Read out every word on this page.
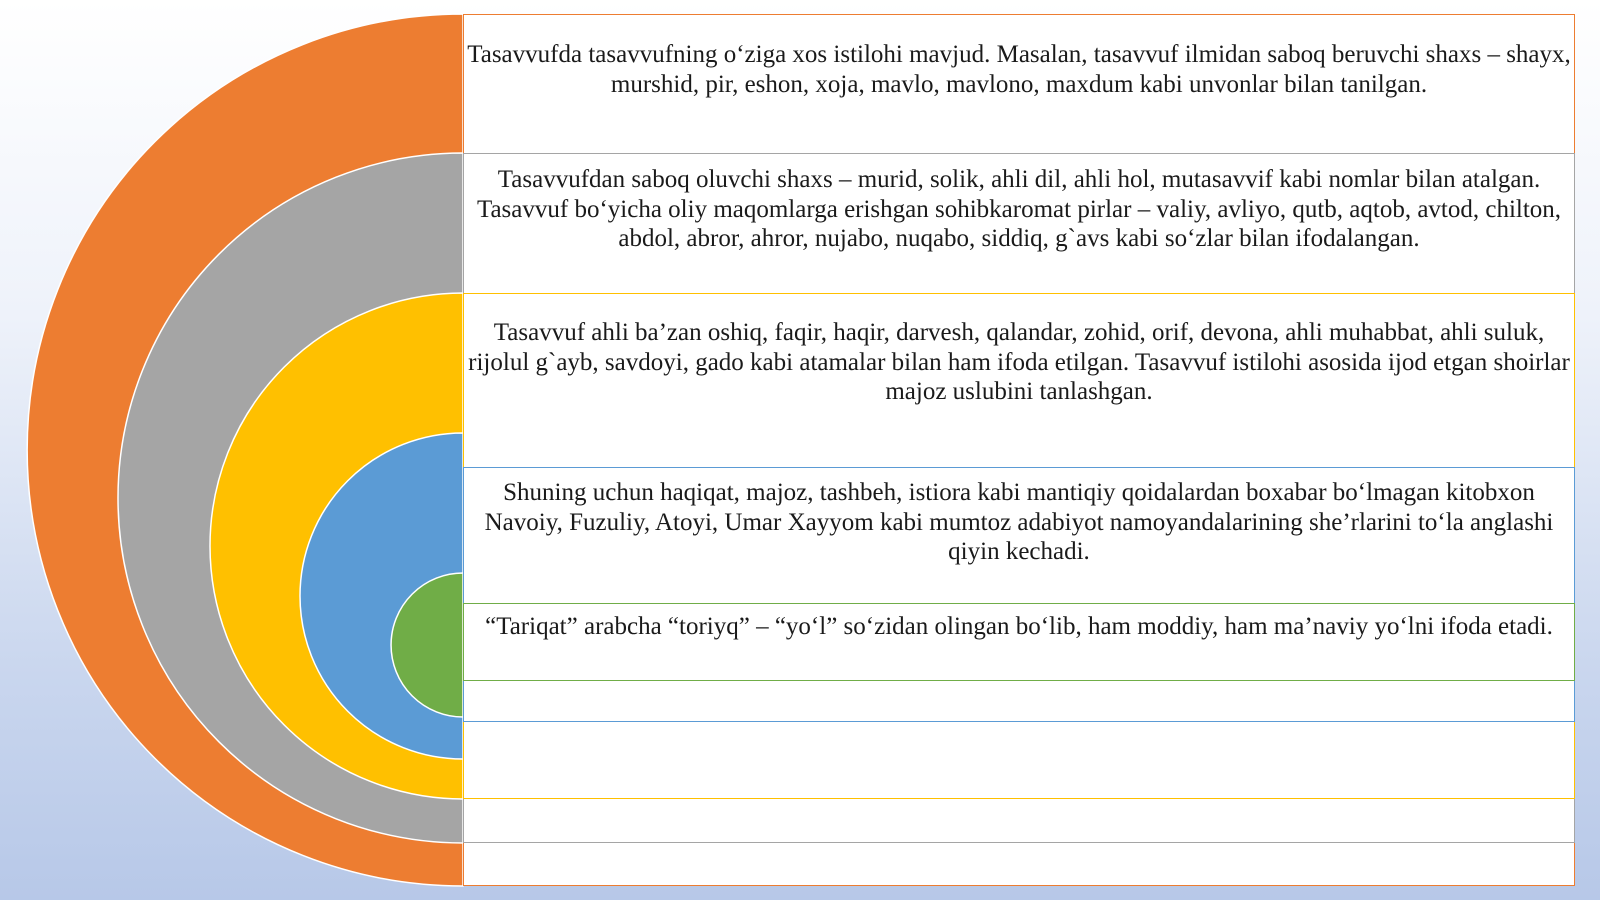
Tasavvufda tasavvufning o‘ziga xos istilohi mavjud. Masalan, tasavvuf ilmidan saboq beruvchi shaxs – shayx, murshid, pir, eshon, xoja, mavlo, mavlono, maxdum kabi unvonlar bilan tanilgan.
Tasavvufdan saboq oluvchi shaxs – murid, solik, ahli dil, ahli hol, mutasavvif kabi nomlar bilan atalgan. Tasavvuf bo‘yicha oliy maqomlarga erishgan sohibkaromat pirlar – valiy, avliyo, qutb, aqtob, avtod, chilton, abdol, abror, ahror, nujabo, nuqabo, siddiq, g`avs kabi so‘zlar bilan ifodalangan.
Tasavvuf ahli ba’zan oshiq, faqir, haqir, darvesh, qalandar, zohid, orif, devona, ahli muhabbat, ahli suluk, rijolul g`ayb, savdoyi, gado kabi atamalar bilan ham ifoda etilgan. Tasavvuf istilohi asosida ijod etgan shoirlar majoz uslubini tanlashgan.
Shuning uchun haqiqat, majoz, tashbeh, istiora kabi mantiqiy qoidalardan boxabar bo‘lmagan kitobxon Navoiy, Fuzuliy, Atoyi, Umar Xayyom kabi mumtoz adabiyot namoyandalarining she’rlarini to‘la anglashi qiyin kechadi.
“Tariqat” arabcha “toriyq” – “yo‘l” so‘zidan olingan bo‘lib, ham moddiy, ham ma’naviy yo‘lni ifoda etadi.
